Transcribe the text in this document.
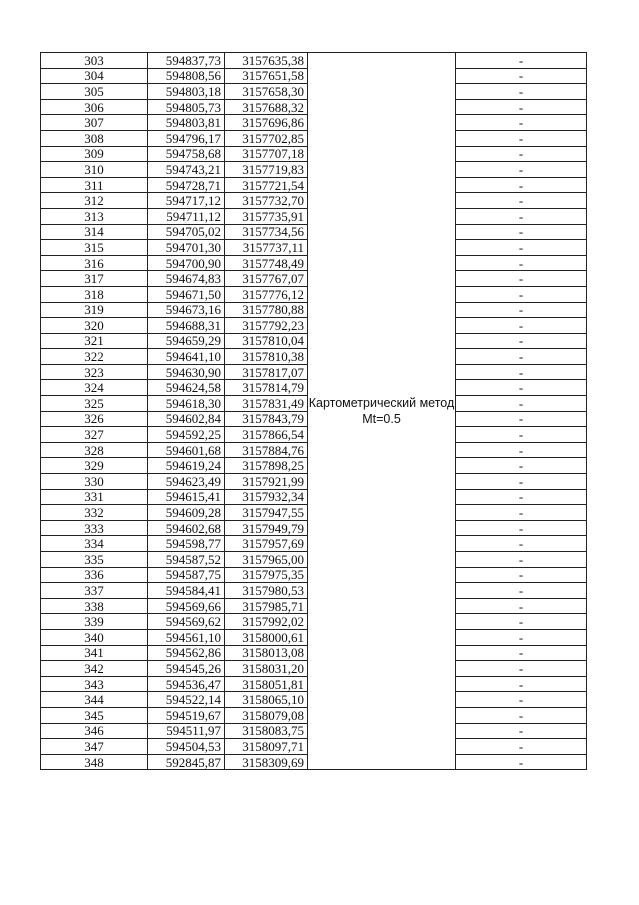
303	594837,73	3157635,38	Картометрический метод Mt=0.5	-
304	594808,56	3157651,58		-
305	594803,18	3157658,30		-
306	594805,73	3157688,32		-
307	594803,81	3157696,86		-
308	594796,17	3157702,85		-
309	594758,68	3157707,18		-
310	594743,21	3157719,83		-
311	594728,71	3157721,54		-
312	594717,12	3157732,70		-
313	594711,12	3157735,91		-
314	594705,02	3157734,56		-
315	594701,30	3157737,11		-
316	594700,90	3157748,49		-
317	594674,83	3157767,07		-
318	594671,50	3157776,12		-
319	594673,16	3157780,88		-
320	594688,31	3157792,23		-
321	594659,29	3157810,04		-
322	594641,10	3157810,38		-
323	594630,90	3157817,07		-
324	594624,58	3157814,79		-
325	594618,30	3157831,49		-
326	594602,84	3157843,79		-
327	594592,25	3157866,54		-
328	594601,68	3157884,76		-
329	594619,24	3157898,25		-
330	594623,49	3157921,99		-
331	594615,41	3157932,34		-
332	594609,28	3157947,55		-
333	594602,68	3157949,79		-
334	594598,77	3157957,69		-
335	594587,52	3157965,00		-
336	594587,75	3157975,35		-
337	594584,41	3157980,53		-
338	594569,66	3157985,71		-
339	594569,62	3157992,02		-
340	594561,10	3158000,61		-
341	594562,86	3158013,08		-
342	594545,26	3158031,20		-
343	594536,47	3158051,81		-
344	594522,14	3158065,10		-
345	594519,67	3158079,08		-
346	594511,97	3158083,75		-
347	594504,53	3158097,71		-
348	592845,87	3158309,69		-
